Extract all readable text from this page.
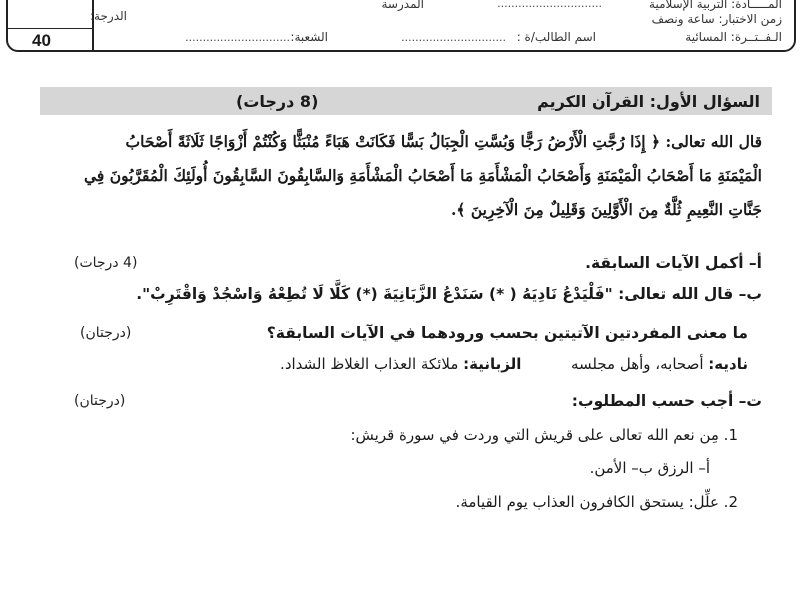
40
المـــــادة: التربية الإسلامية
..............................
المدرسة
الدرجة:	زمن الاختبار: ساعة ونصف
الـفــتــرة: المسائية
اسم الطالب/ة :
..............................
الشعبة:
..............................
السؤال الأول: القرآن الكريم
(8 درجات)
قال الله تعالى: ﴿ إِذَا رُجَّتِ الْأَرْضُ رَجًّا وَبُسَّتِ الْجِبَالُ بَسًّا فَكَانَتْ هَبَاءً مُنْبَثًّا وَكُنْتُمْ أَزْوَاجًا ثَلَاثَةً أَصْحَابُ
الْمَيْمَنَةِ مَا أَصْحَابُ الْمَيْمَنَةِ وَأَصْحَابُ الْمَشْأَمَةِ مَا أَصْحَابُ الْمَشْأَمَةِ وَالسَّابِقُونَ السَّابِقُونَ أُولَئِكَ الْمُقَرَّبُونَ فِي
جَنَّاتِ النَّعِيمِ ثُلَّةٌ مِنَ الْأَوَّلِينَ وَقَلِيلٌ مِنَ الْآخِرِينَ ﴾.
أ– أكمل الآيات السابقة.
(4 درجات)
ب– قال الله تعالى: "فَلْيَدْعُ نَادِيَهُ ( *) سَنَدْعُ الزَّبَانِيَةَ (*) كَلَّا لَا تُطِعْهُ وَاسْجُدْ وَاقْتَرِبْ".
ما معنى المفردتين الآتيتين بحسب ورودهما في الآيات السابقة؟
(درجتان)
ناديه: أصحابه، وأهل مجلسه  الزبانية: ملائكة العذاب الغلاظ الشداد.
ت– أجب حسب المطلوب:
(درجتان)
1. مِن نعم الله تعالى على قريش التي وردت في سورة قريش:
أ– الرزق ب– الأمن.
2. علِّل: يستحق الكافرون العذاب يوم القيامة.
